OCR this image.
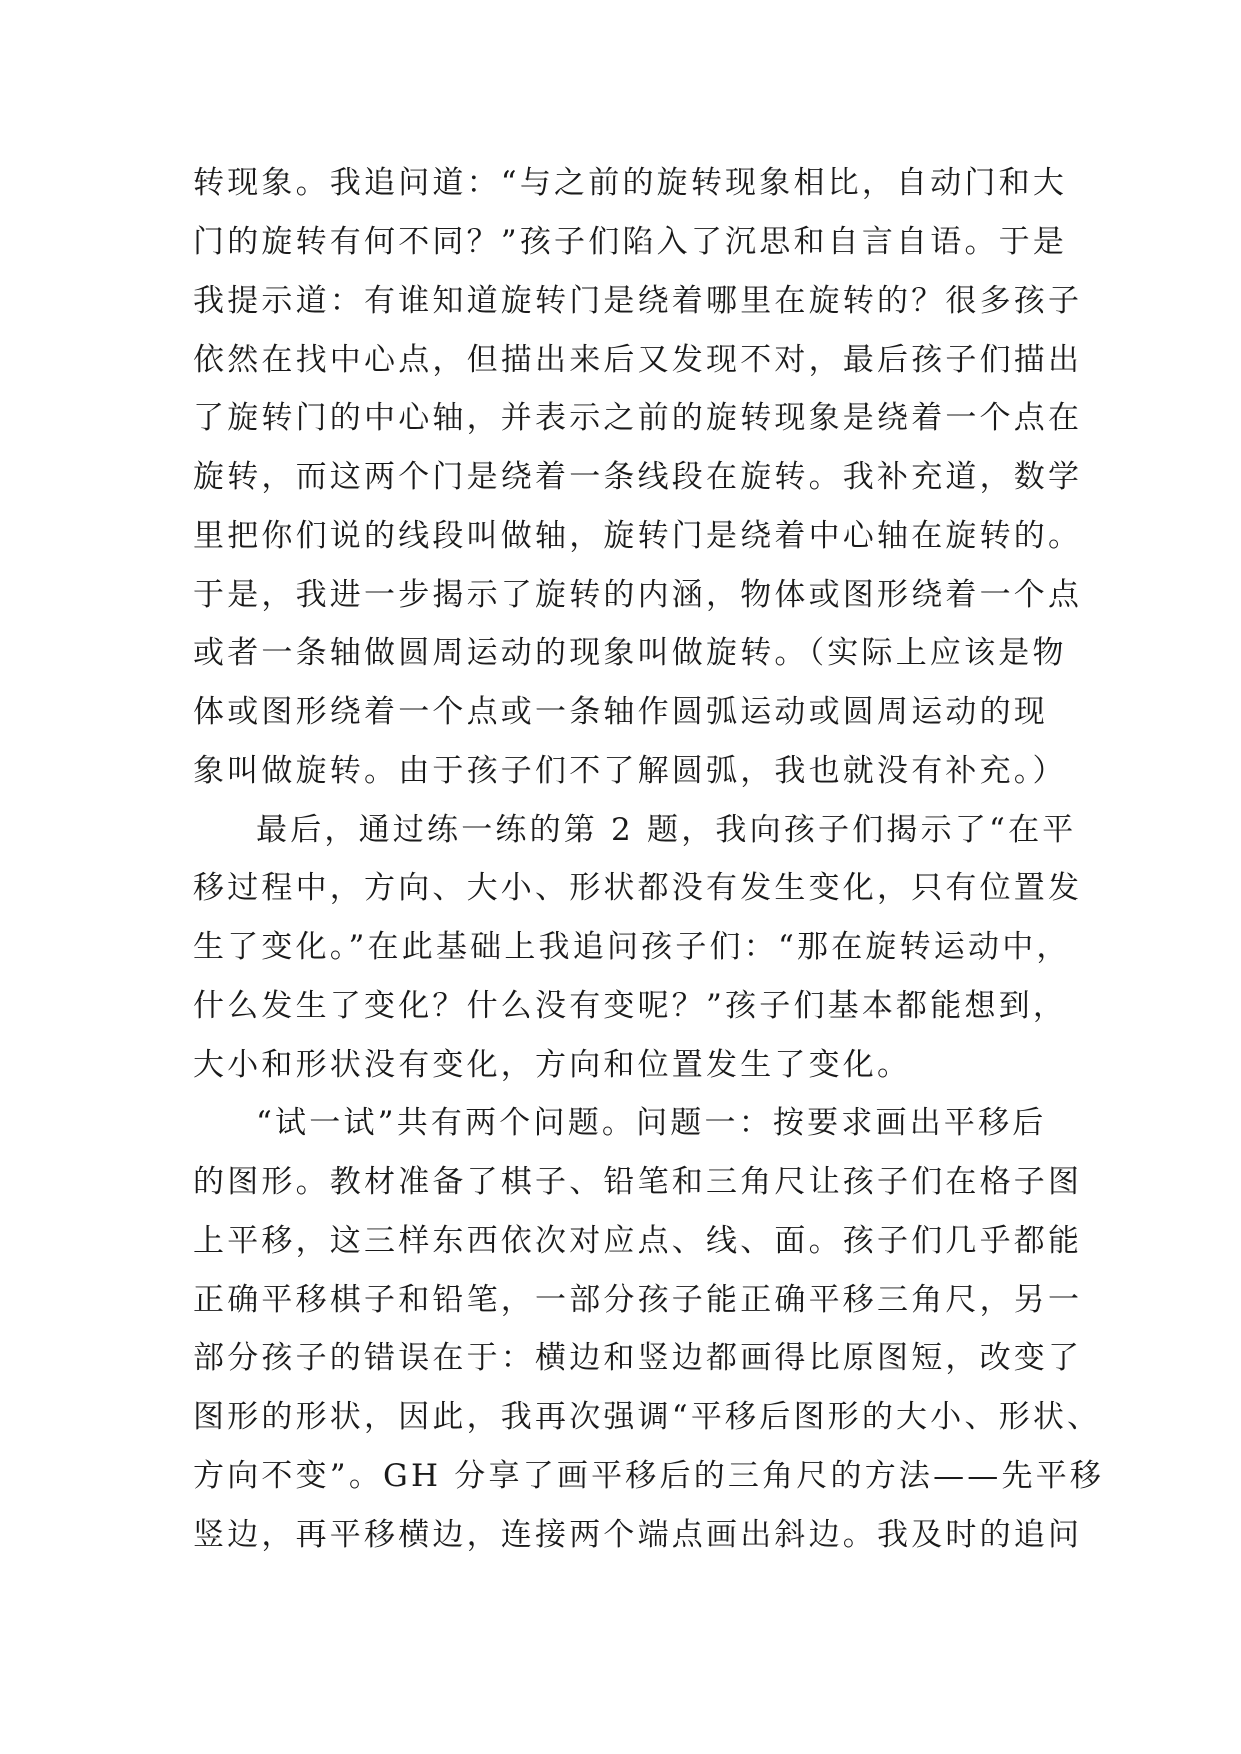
转现象。我追问道：“与之前的旋转现象相比，自动门和大
门的旋转有何不同？”孩子们陷入了沉思和自言自语。于是
我提示道：有谁知道旋转门是绕着哪里在旋转的？很多孩子
依然在找中心点，但描出来后又发现不对，最后孩子们描出
了旋转门的中心轴，并表示之前的旋转现象是绕着一个点在
旋转，而这两个门是绕着一条线段在旋转。我补充道，数学
里把你们说的线段叫做轴，旋转门是绕着中心轴在旋转的。
于是，我进一步揭示了旋转的内涵，物体或图形绕着一个点
或者一条轴做圆周运动的现象叫做旋转。（实际上应该是物
体或图形绕着一个点或一条轴作圆弧运动或圆周运动的现
象叫做旋转。由于孩子们不了解圆弧，我也就没有补充。）
最后，通过练一练的第 2 题，我向孩子们揭示了“在平
移过程中，方向、大小、形状都没有发生变化，只有位置发
生了变化。”在此基础上我追问孩子们：“那在旋转运动中，
什么发生了变化？什么没有变呢？”孩子们基本都能想到，
大小和形状没有变化，方向和位置发生了变化。
“试一试”共有两个问题。问题一：按要求画出平移后
的图形。教材准备了棋子、铅笔和三角尺让孩子们在格子图
上平移，这三样东西依次对应点、线、面。孩子们几乎都能
正确平移棋子和铅笔，一部分孩子能正确平移三角尺，另一
部分孩子的错误在于：横边和竖边都画得比原图短，改变了
图形的形状，因此，我再次强调“平移后图形的大小、形状、
方向不变”。GH 分享了画平移后的三角尺的方法——先平移
竖边，再平移横边，连接两个端点画出斜边。我及时的追问
